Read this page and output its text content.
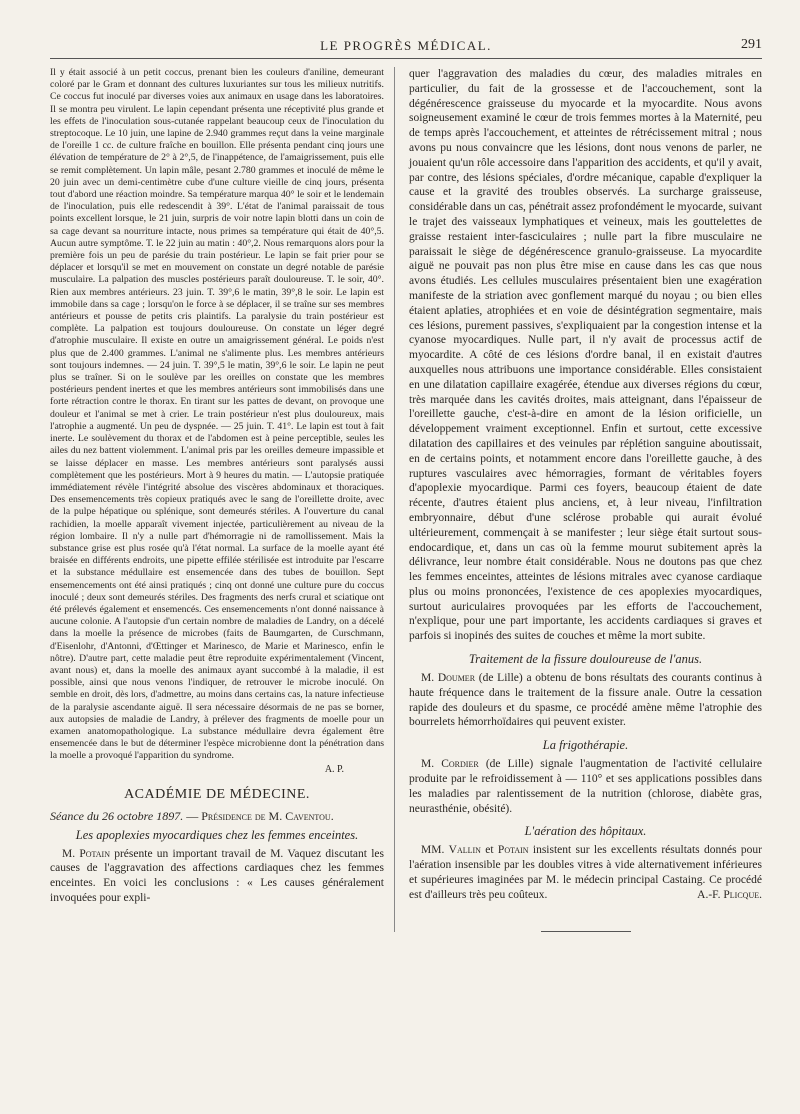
LE PROGRÈS MÉDICAL.	291

Il y était associé à un petit coccus, prenant bien les couleurs d'aniline, demeurant coloré par le Gram et donnant des cultures luxuriantes sur tous les milieux nutritifs. Ce coccus fut inoculé par diverses voies aux animaux en usage dans les laboratoires. Il se montra peu virulent. Le lapin cependant présenta une réceptivité plus grande et les effets de l'inoculation sous-cutanée rappelant beaucoup ceux de l'inoculation du streptocoque. Le 10 juin, une lapine de 2.940 grammes reçut dans la veine marginale de l'oreille 1 cc. de culture fraîche en bouillon. Elle présenta pendant cinq jours une élévation de température de 2° à 2°,5, de l'inappétence, de l'amaigrissement, puis elle se remit complètement. Un lapin mâle, pesant 2.780 grammes et inoculé de même le 20 juin avec un demi-centimètre cube d'une culture vieille de cinq jours, présenta tout d'abord une réaction moindre. Sa température marqua 40° le soir et le lendemain de l'inoculation, puis elle redescendit à 39°. L'état de l'animal paraissait de tous points excellent lorsque, le 21 juin, surpris de voir notre lapin blotti dans un coin de sa cage devant sa nourriture intacte, nous primes sa température qui était de 40°,5. Aucun autre symptôme. T. le 22 juin au matin : 40°,2. Nous remarquons alors pour la première fois un peu de parésie du train postérieur. Le lapin se fait prier pour se déplacer et lorsqu'il se met en mouvement on constate un degré notable de parésie musculaire. La palpation des muscles postérieurs paraît douloureuse. T. le soir, 40°. Rien aux membres antérieurs. 23 juin. T. 39°,6 le matin, 39°,8 le soir. Le lapin est immobile dans sa cage ; lorsqu'on le force à se déplacer, il se traîne sur ses membres antérieurs et pousse de petits cris plaintifs. La paralysie du train postérieur est complète. La palpation est toujours douloureuse. On constate un léger degré d'atrophie musculaire. Il existe en outre un amaigrissement général. Le poids n'est plus que de 2.400 grammes. L'animal ne s'alimente plus. Les membres antérieurs sont toujours indemnes. — 24 juin. T. 39°,5 le matin, 39°,6 le soir. Le lapin ne peut plus se traîner. Si on le soulève par les oreilles on constate que les membres postérieurs pendent inertes et que les membres antérieurs sont immobilisés dans une forte rétraction contre le thorax. En tirant sur les pattes de devant, on provoque une douleur et l'animal se met à crier. Le train postérieur n'est plus douloureux, mais l'atrophie a augmenté. Un peu de dyspnée. — 25 juin. T. 41°. Le lapin est tout à fait inerte. Le soulèvement du thorax et de l'abdomen est à peine perceptible, seules les ailes du nez battent violemment. L'animal pris par les oreilles demeure impassible et se laisse déplacer en masse. Les membres antérieurs sont paralysés aussi complètement que les postérieurs. Mort à 9 heures du matin. — L'autopsie pratiquée immédiatement révèle l'intégrité absolue des viscères abdominaux et thoraciques. Des ensemencements très copieux pratiqués avec le sang de l'oreillette droite, avec de la pulpe hépatique ou splénique, sont demeurés stériles. A l'ouverture du canal rachidien, la moelle apparaît vivement injectée, particulièrement au niveau de la région lombaire. Il n'y a nulle part d'hémorragie ni de ramollissement. Mais la substance grise est plus rosée qu'à l'état normal. La surface de la moelle ayant été braisée en différents endroits, une pipette effilée stérilisée est introduite par l'escarre et la substance médullaire est ensemencée dans des tubes de bouillon. Sept ensemencements ont été ainsi pratiqués ; cinq ont donné une culture pure du coccus inoculé ; deux sont demeurés stériles. Des fragments des nerfs crural et sciatique ont été prélevés également et ensemencés. Ces ensemencements n'ont donné naissance à aucune colonie. A l'autopsie d'un certain nombre de maladies de Landry, on a décelé dans la moelle la présence de microbes (faits de Baumgarten, de Curschmann, d'Eisenlohr, d'Antonni, d'Œttinger et Marinesco, de Marie et Marinesco, enfin le nôtre). D'autre part, cette maladie peut être reproduite expérimentalement (Vincent, avant nous) et, dans la moelle des animaux ayant succombé à la maladie, il est possible, ainsi que nous venons l'indiquer, de retrouver le microbe inoculé. On semble en droit, dès lors, d'admettre, au moins dans certains cas, la nature infectieuse de la paralysie ascendante aiguë. Il sera nécessaire désormais de ne pas se borner, aux autopsies de maladie de Landry, à prélever des fragments de moelle pour un examen anatomopathologique. La substance médullaire devra également être ensemencée dans le but de déterminer l'espèce microbienne dont la pénétration dans la moelle a provoqué l'apparition du syndrome.

A. P.
ACADÉMIE DE MÉDECINE.
Séance du 26 octobre 1897. — Présidence de M. Caventou.
Les apoplexies myocardiques chez les femmes enceintes.

M. Potain présente un important travail de M. Vaquez discutant les causes de l'aggravation des affections cardiaques chez les femmes enceintes. En voici les conclusions : « Les causes généralement invoquées pour expli-

quer l'aggravation des maladies du cœur, des maladies mitrales en particulier, du fait de la grossesse et de l'accouchement, sont la dégénérescence graisseuse du myocarde et la myocardite. Nous avons soigneusement examiné le cœur de trois femmes mortes à la Maternité, peu de temps après l'accouchement, et atteintes de rétrécissement mitral ; nous avons pu nous convaincre que les lésions, dont nous venons de parler, ne jouaient qu'un rôle accessoire dans l'apparition des accidents, et qu'il y avait, par contre, des lésions spéciales, d'ordre mécanique, capable d'expliquer la cause et la gravité des troubles observés. La surcharge graisseuse, considérable dans un cas, pénétrait assez profondément le myocarde, suivant le trajet des vaisseaux lymphatiques et veineux, mais les gouttelettes de graisse restaient inter-fasciculaires ; nulle part la fibre musculaire ne paraissait le siège de dégénérescence granulo-graisseuse. La myocardite aiguë ne pouvait pas non plus être mise en cause dans les cas que nous avons étudiés. Les cellules musculaires présentaient bien une exagération manifeste de la striation avec gonflement marqué du noyau ; ou bien elles étaient aplaties, atrophiées et en voie de désintégration segmentaire, mais ces lésions, purement passives, s'expliquaient par la congestion intense et la cyanose myocardiques. Nulle part, il n'y avait de processus actif de myocardite. A côté de ces lésions d'ordre banal, il en existait d'autres auxquelles nous attribuons une importance considérable. Elles consistaient en une dilatation capillaire exagérée, étendue aux diverses régions du cœur, très marquée dans les cavités droites, mais atteignant, dans l'épaisseur de l'oreillette gauche, c'est-à-dire en amont de la lésion orificielle, un développement vraiment exceptionnel. Enfin et surtout, cette excessive dilatation des capillaires et des veinules par réplétion sanguine aboutissait, en de certains points, et notamment encore dans l'oreillette gauche, à des ruptures vasculaires avec hémorragies, formant de véritables foyers d'apoplexie myocardique. Parmi ces foyers, beaucoup étaient de date récente, d'autres étaient plus anciens, et, à leur niveau, l'infiltration embryonnaire, début d'une sclérose probable qui aurait évolué ultérieurement, commençait à se manifester ; leur siège était surtout sous-endocardique, et, dans un cas où la femme mourut subitement après la délivrance, leur nombre était considérable. Nous ne doutons pas que chez les femmes enceintes, atteintes de lésions mitrales avec cyanose cardiaque plus ou moins prononcées, l'existence de ces apoplexies myocardiques, surtout auriculaires provoquées par les efforts de l'accouchement, n'explique, pour une part importante, les accidents cardiaques si graves et parfois si inopinés des suites de couches et même la mort subite.

Traitement de la fissure douloureuse de l'anus.

M. Doumer (de Lille) a obtenu de bons résultats des courants continus à haute fréquence dans le traitement de la fissure anale. Outre la cessation rapide des douleurs et du spasme, ce procédé amène même l'atrophie des bourrelets hémorrhoïdaires qui peuvent exister.

La frigothérapie.

M. Cordier (de Lille) signale l'augmentation de l'activité cellulaire produite par le refroidissement à — 110° et ses applications possibles dans les maladies par ralentissement de la nutrition (chlorose, diabète gras, neurasthénie, obésité).

L'aération des hôpitaux.

MM. Vallin et Potain insistent sur les excellents résultats donnés pour l'aération insensible par les doubles vitres à vide alternativement inférieures et supérieures imaginées par M. le médecin principal Castaing. Ce procédé est d'ailleurs très peu coûteux.	A.-F. Plicque.
